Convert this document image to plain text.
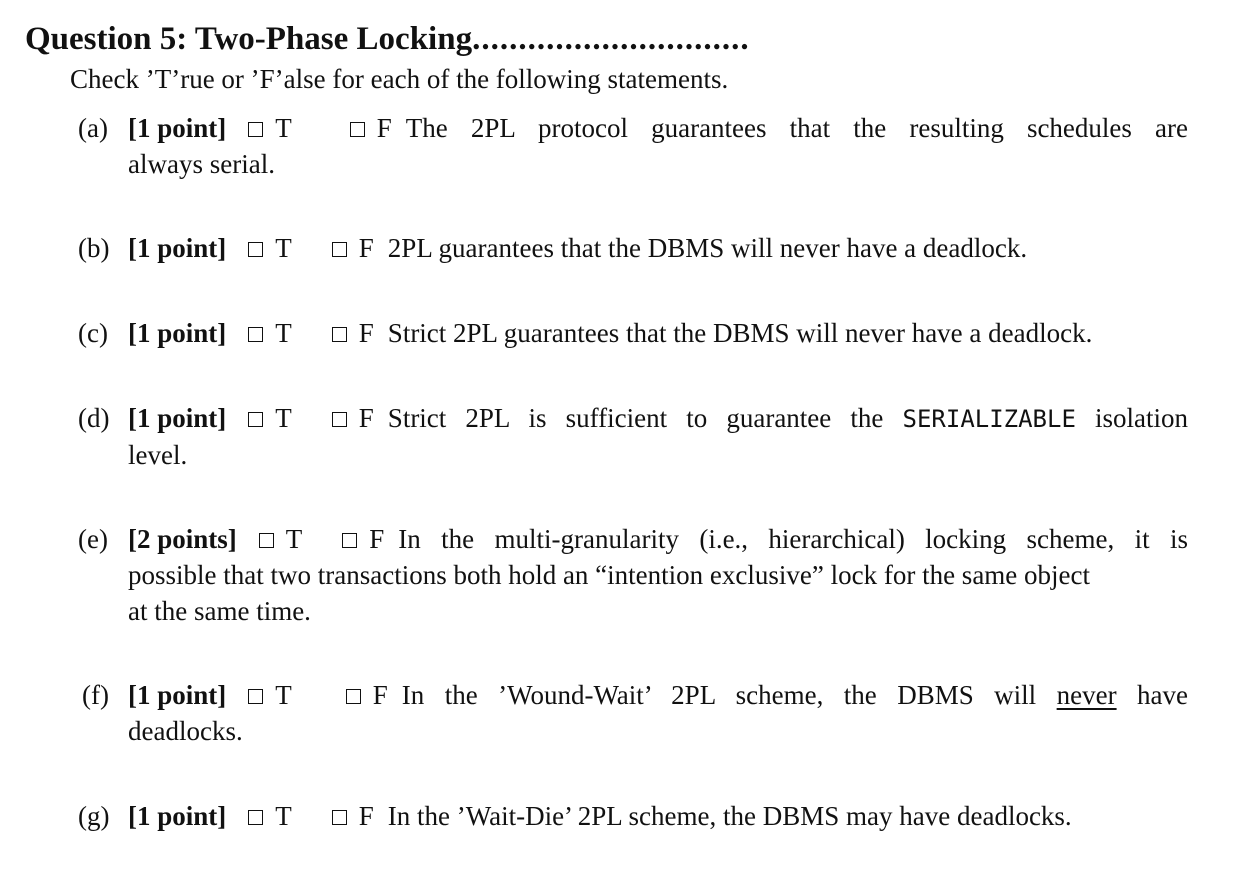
Question 5: Two-Phase Locking..............................
Check ’T’rue or ’F’alse for each of the following statements.
(a) [1 point] T	F The 2PL protocol guarantees that the resulting schedules are
always serial.
(b) [1 point] T F 2PL guarantees that the DBMS will never have a deadlock.
(c) [1 point] T F Strict 2PL guarantees that the DBMS will never have a deadlock.
(d) [1 point] T F Strict 2PL is sufficient to guarantee the SERIALIZABLE isolation
level.
(e) [2 points] T F In the multi-granularity (i.e., hierarchical) locking scheme, it is
possible that two transactions both hold an “intention exclusive” lock for the same object
at the same time.
(f) [1 point] T	F In the ’Wound-Wait’ 2PL scheme, the DBMS will never have
deadlocks.
(g) [1 point] T F In the ’Wait-Die’ 2PL scheme, the DBMS may have deadlocks.
